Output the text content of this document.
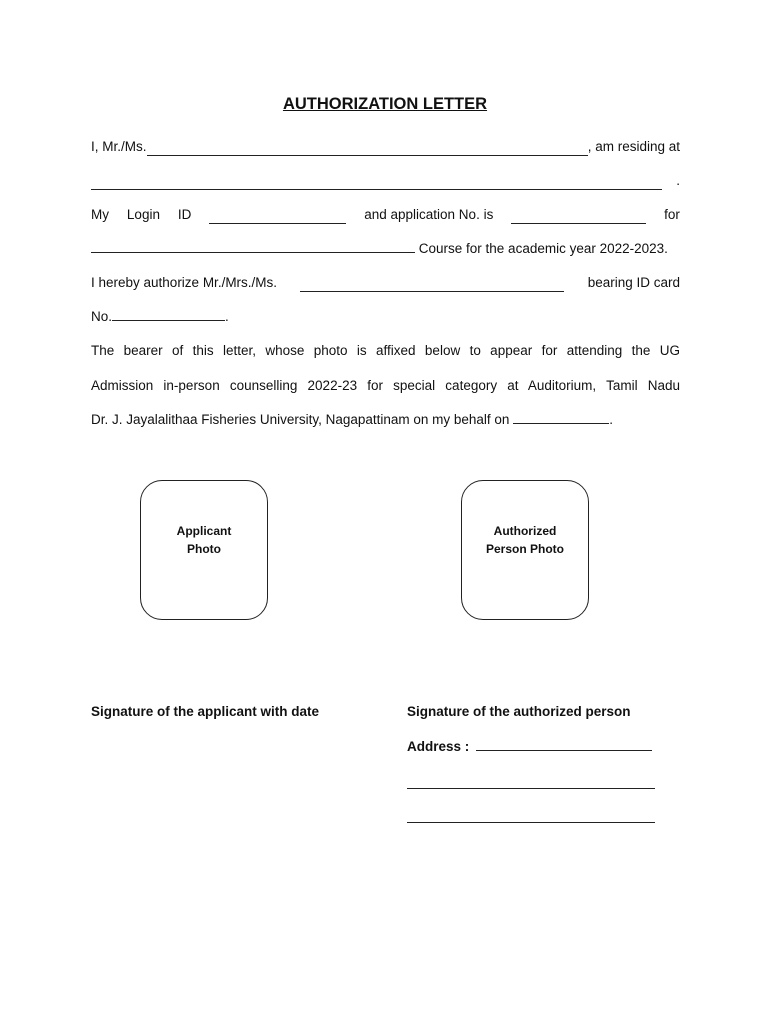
AUTHORIZATION LETTER
I, Mr./Ms.	, am residing at
.
My Login ID	and application No. is	for
Course for the academic year 2022-2023.
I hereby authorize Mr./Mrs./Ms.	bearing ID card
No.	.
The bearer of this letter, whose photo is affixed below to appear for attending the UG
Admission in-person counselling 2022-23 for special category at Auditorium, Tamil Nadu
Dr. J. Jayalalithaa Fisheries University, Nagapattinam on my behalf on	.
Applicant
Photo
Authorized
Person Photo
Signature of the applicant with date	Signature of the authorized person
Address :
